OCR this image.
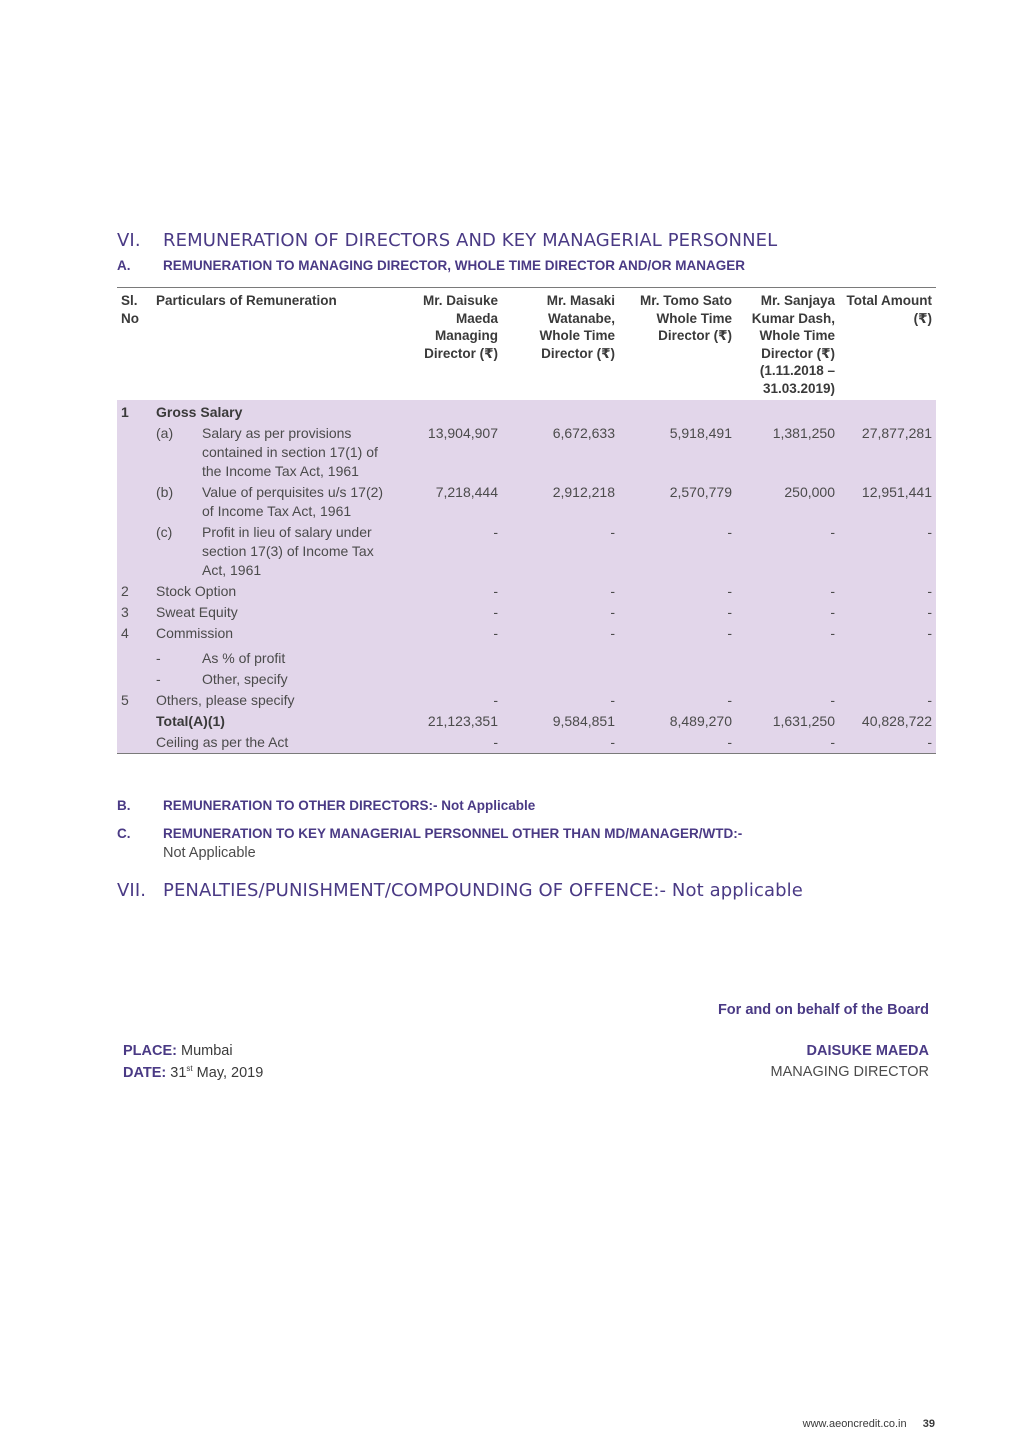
VI. REMUNERATION OF DIRECTORS AND KEY MANAGERIAL PERSONNEL
A. REMUNERATION TO MANAGING DIRECTOR, WHOLE TIME DIRECTOR AND/OR MANAGER
Sl. No	Particulars of Remuneration	Mr. Daisuke Maeda Managing Director (₹)	Mr. Masaki Watanabe, Whole Time Director (₹)	Mr. Tomo Sato Whole Time Director (₹)	Mr. Sanjaya Kumar Dash, Whole Time Director (₹) (1.11.2018 – 31.03.2019)	Total Amount (₹)
1	Gross Salary					

	(a) Salary as per provisions contained in section 17(1) of the Income Tax Act, 1961	13,904,907	6,672,633	5,918,491	1,381,250	27,877,281

	(b) Value of perquisites u/s 17(2) of Income Tax Act, 1961	7,218,444	2,912,218	2,570,779	250,000	12,951,441

	(c) Profit in lieu of salary under section 17(3) of Income Tax Act, 1961	-	-	-	-	-
2	Stock Option	-	-	-	-	-
3	Sweat Equity	-	-	-	-	-
4	Commission	-	-	-	-	-

	- As % of profit					

	- Other, specify					

5	Others, please specify	-	-	-	-	-
	Total(A)(1)	21,123,351	9,584,851	8,489,270	1,631,250	40,828,722
	Ceiling as per the Act	-	-	-	-	-
B. REMUNERATION TO OTHER DIRECTORS:- Not Applicable
C. REMUNERATION TO KEY MANAGERIAL PERSONNEL OTHER THAN MD/MANAGER/WTD:-
Not Applicable
VII. PENALTIES/PUNISHMENT/COMPOUNDING OF OFFENCE:- Not applicable
For and on behalf of the Board
PLACE: Mumbai
DATE: 31st May, 2019
DAISUKE MAEDA
MANAGING DIRECTOR
www.aeoncredit.co.in 39
